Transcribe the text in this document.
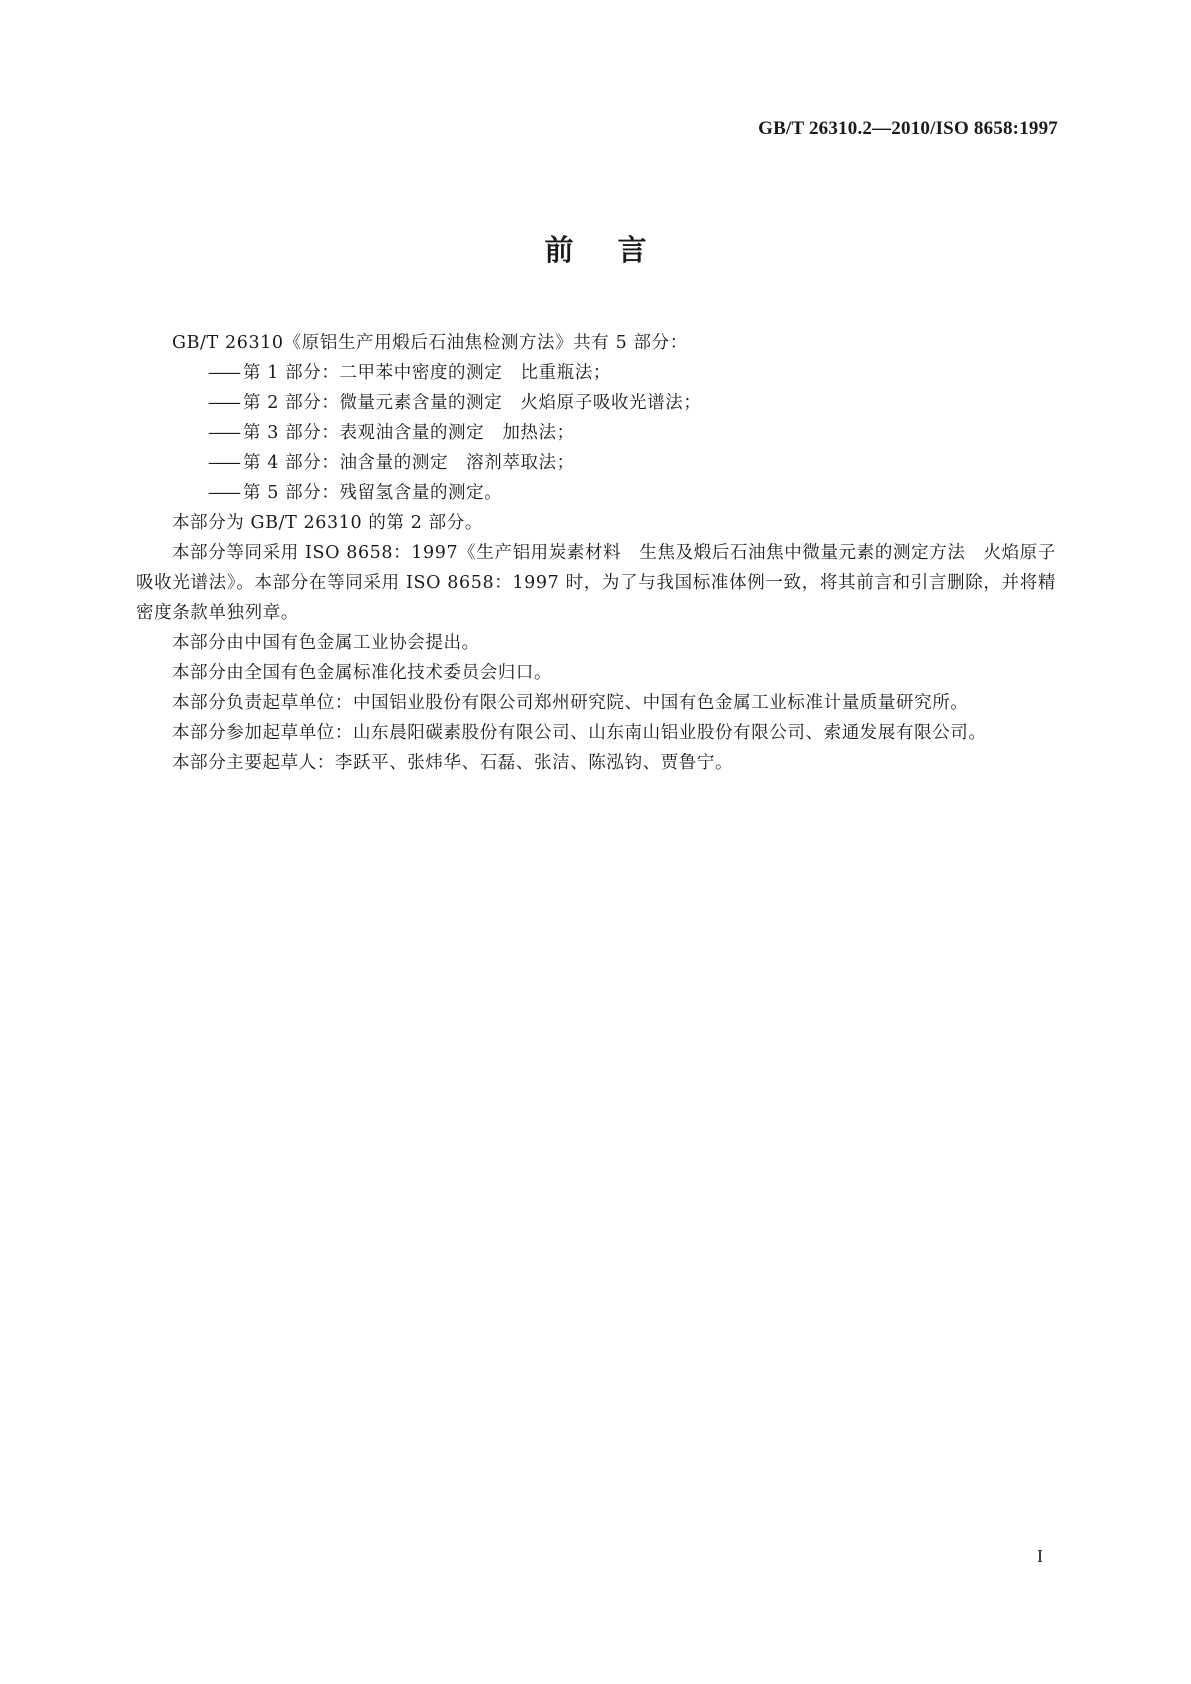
GB/T 26310.2—2010/ISO 8658:1997
前言

GB/T 26310《原铝生产用煅后石油焦检测方法》共有 5 部分：

—— 第 1 部分：二甲苯中密度的测定　比重瓶法；

—— 第 2 部分：微量元素含量的测定　火焰原子吸收光谱法；

—— 第 3 部分：表观油含量的测定　加热法；

—— 第 4 部分：油含量的测定　溶剂萃取法；

—— 第 5 部分：残留氢含量的测定。

本部分为 GB/T 26310 的第 2 部分。

本部分等同采用 ISO 8658：1997《生产铝用炭素材料　生焦及煅后石油焦中微量元素的测定方法　火焰原子吸收光谱法》。本部分在等同采用 ISO 8658：1997 时，为了与我国标准体例一致，将其前言和引言删除，并将精密度条款单独列章。

本部分由中国有色金属工业协会提出。

本部分由全国有色金属标准化技术委员会归口。

本部分负责起草单位：中国铝业股份有限公司郑州研究院、中国有色金属工业标准计量质量研究所。

本部分参加起草单位：山东晨阳碳素股份有限公司、山东南山铝业股份有限公司、索通发展有限公司。

本部分主要起草人：李跃平、张炜华、石磊、张洁、陈泓钧、贾鲁宁。

I
